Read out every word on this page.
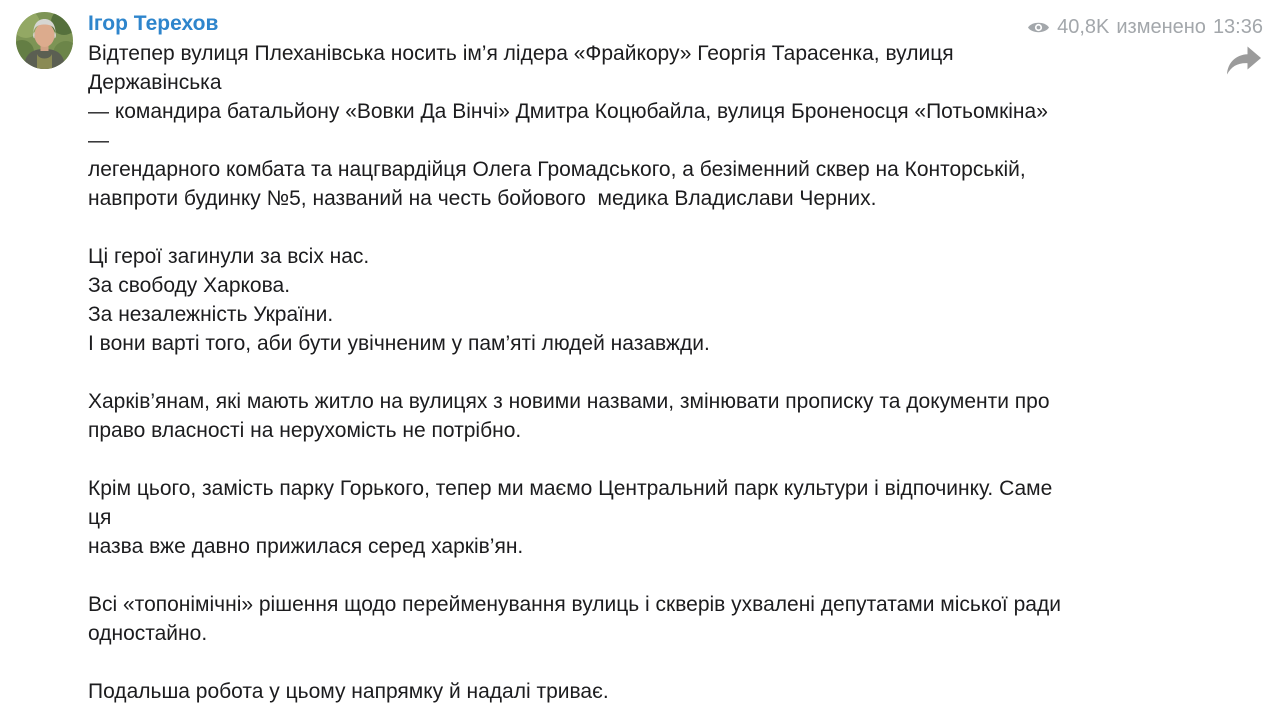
Ігор Терехов
Відтепер вулиця Плеханівська носить ім’я лідера «Фрайкору» Георгія Тарасенка, вулиця Державінська
— командира батальйону «Вовки Да Вінчі» Дмитра Коцюбайла, вулиця Броненосця «Потьомкіна» —
легендарного комбата та нацгвардійця Олега Громадського, а безіменний сквер на Конторській,
навпроти будинку №5, названий на честь бойового  медика Владислави Черних.
Ці герої загинули за всіх нас.
За свободу Харкова.
За незалежність України.
І вони варті того, аби бути увічненим у пам’яті людей назавжди.
Харків’янам, які мають житло на вулицях з новими назвами, змінювати прописку та документи про
право власності на нерухомість не потрібно.
Крім цього, замість парку Горького, тепер ми маємо Центральний парк культури і відпочинку. Саме ця
назва вже давно прижилася серед харків’ян.
Всі «топонімічні» рішення щодо перейменування вулиць і скверів ухвалені депутатами міської ради
одностайно.
Подальша робота у цьому напрямку й надалі триває.
40,8K изменено 13:36
